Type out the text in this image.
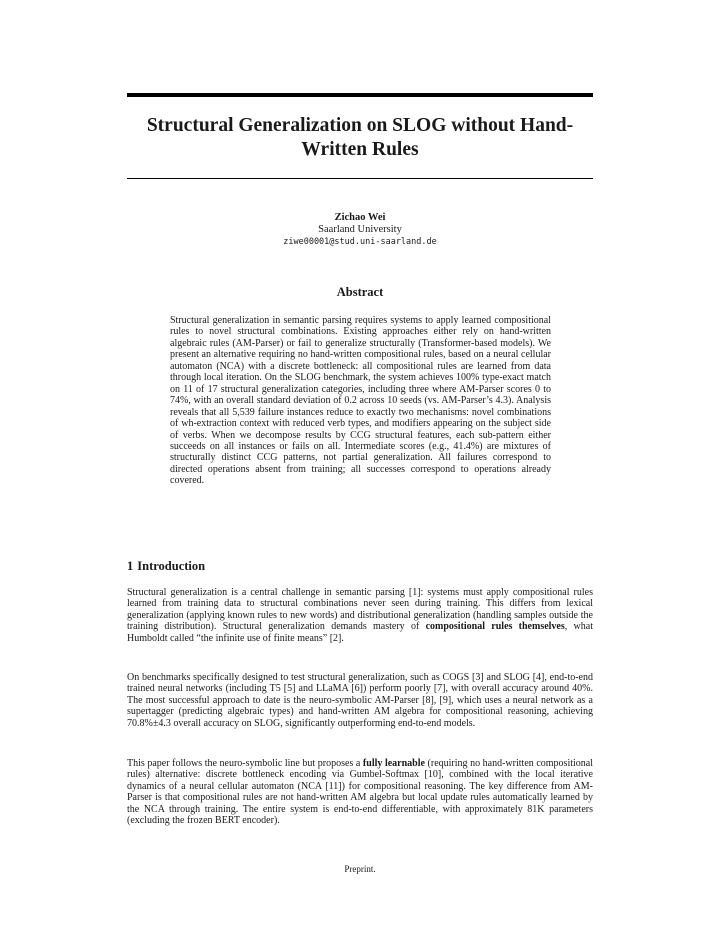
Structural Generalization on SLOG without Hand-Written Rules
Zichao Wei
Saarland University
ziwe00001@stud.uni-saarland.de
Abstract

Structural generalization in semantic parsing requires systems to apply learned compositional rules to novel structural combinations. Existing approaches either rely on hand-written algebraic rules (AM-Parser) or fail to generalize structurally (Transformer-based models). We present an alternative requiring no hand-written compositional rules, based on a neural cellular automaton (NCA) with a discrete bottleneck: all compositional rules are learned from data through local iteration. On the SLOG benchmark, the system achieves 100% type-exact match on 11 of 17 structural generalization categories, including three where AM-Parser scores 0 to 74%, with an overall standard deviation of 0.2 across 10 seeds (vs. AM-Parser’s 4.3). Analysis reveals that all 5,539 failure instances reduce to exactly two mechanisms: novel combinations of wh-extraction context with reduced verb types, and modifiers appearing on the subject side of verbs. When we decompose results by CCG structural features, each sub-pattern either succeeds on all instances or fails on all. Intermediate scores (e.g., 41.4%) are mixtures of structurally distinct CCG patterns, not partial generalization. All failures correspond to directed operations absent from training; all successes correspond to operations already covered.

1 Introduction

Structural generalization is a central challenge in semantic parsing [1]: systems must apply compositional rules learned from training data to structural combinations never seen during training. This differs from lexical generalization (applying known rules to new words) and distributional generalization (handling samples outside the training distribution). Structural generalization demands mastery of compositional rules themselves, what Humboldt called “the infinite use of finite means” [2].

On benchmarks specifically designed to test structural generalization, such as COGS [3] and SLOG [4], end-to-end trained neural networks (including T5 [5] and LLaMA [6]) perform poorly [7], with overall accuracy around 40%. The most successful approach to date is the neuro-symbolic AM-Parser [8], [9], which uses a neural network as a supertagger (predicting algebraic types) and hand-written AM algebra for compositional reasoning, achieving 70.8%±4.3 overall accuracy on SLOG, significantly outperforming end-to-end models.

This paper follows the neuro-symbolic line but proposes a fully learnable (requiring no hand-written compositional rules) alternative: discrete bottleneck encoding via Gumbel-Softmax [10], combined with the local iterative dynamics of a neural cellular automaton (NCA [11]) for compositional reasoning. The key difference from AM-Parser is that compositional rules are not hand-written AM algebra but local update rules automatically learned by the NCA through training. The entire system is end-to-end differentiable, with approximately 81K parameters (excluding the frozen BERT encoder).

Preprint.
